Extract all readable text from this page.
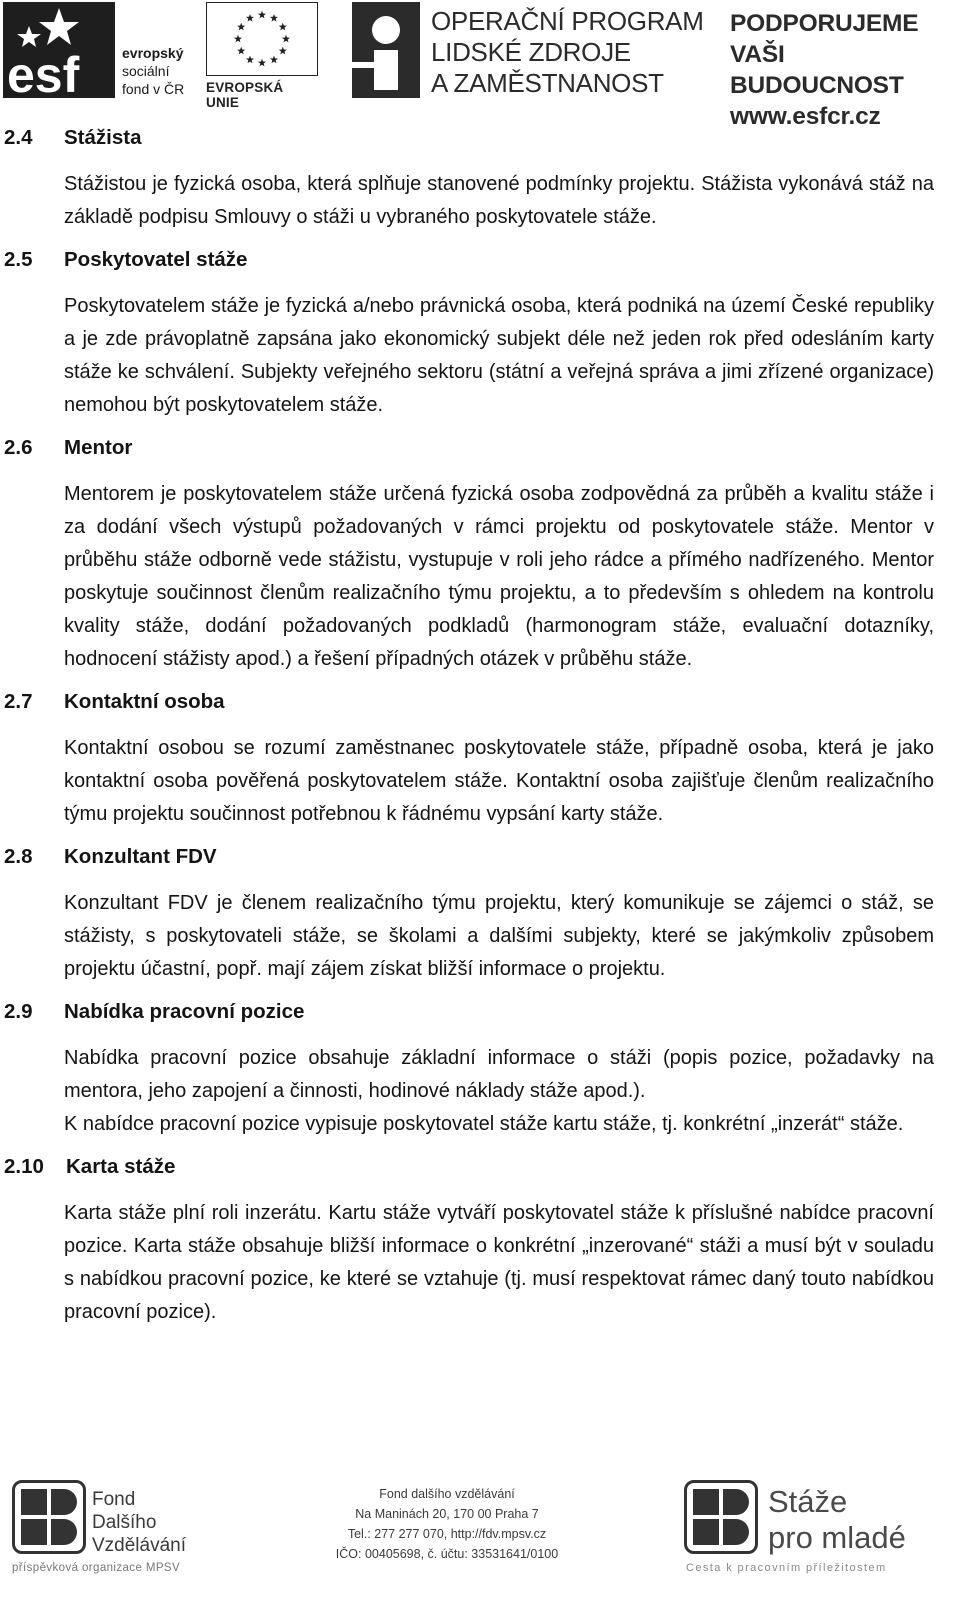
esf	evropský
sociální
fond v ČR EVROPSKÁ UNIE
OPERAČNÍ PROGRAM
LIDSKÉ ZDROJE
A ZAMĚSTNANOST
PODPORUJEME
VAŠI BUDOUCNOST
www.esfcr.cz
2.4 Stážista

Stážistou je fyzická osoba, která splňuje stanovené podmínky projektu. Stážista vykonává stáž na základě podpisu Smlouvy o stáži u vybraného poskytovatele stáže.

2.5 Poskytovatel stáže

Poskytovatelem stáže je fyzická a/nebo právnická osoba, která podniká na území České republiky a je zde právoplatně zapsána jako ekonomický subjekt déle než jeden rok před odesláním karty stáže ke schválení. Subjekty veřejného sektoru (státní a veřejná správa a jimi zřízené organizace) nemohou být poskytovatelem stáže.

2.6 Mentor

Mentorem je poskytovatelem stáže určená fyzická osoba zodpovědná za průběh a kvalitu stáže i za dodání všech výstupů požadovaných v rámci projektu od poskytovatele stáže. Mentor v průběhu stáže odborně vede stážistu, vystupuje v roli jeho rádce a přímého nadřízeného. Mentor poskytuje součinnost členům realizačního týmu projektu, a to především s ohledem na kontrolu kvality stáže, dodání požadovaných podkladů (harmonogram stáže, evaluační dotazníky, hodnocení stážisty apod.) a řešení případných otázek v průběhu stáže.

2.7 Kontaktní osoba

Kontaktní osobou se rozumí zaměstnanec poskytovatele stáže, případně osoba, která je jako kontaktní osoba pověřená poskytovatelem stáže. Kontaktní osoba zajišťuje členům realizačního týmu projektu součinnost potřebnou k řádnému vypsání karty stáže.

2.8 Konzultant FDV

Konzultant FDV je členem realizačního týmu projektu, který komunikuje se zájemci o stáž, se stážisty, s poskytovateli stáže, se školami a dalšími subjekty, které se jakýmkoliv způsobem projektu účastní, popř. mají zájem získat bližší informace o projektu.

2.9 Nabídka pracovní pozice

Nabídka pracovní pozice obsahuje základní informace o stáži (popis pozice, požadavky na mentora, jeho zapojení a činnosti, hodinové náklady stáže apod.).

K nabídce pracovní pozice vypisuje poskytovatel stáže kartu stáže, tj. konkrétní „inzerát“ stáže.

2.10 Karta stáže

Karta stáže plní roli inzerátu. Kartu stáže vytváří poskytovatel stáže k příslušné nabídce pracovní pozice. Karta stáže obsahuje bližší informace o konkrétní „inzerované“ stáži a musí být v souladu s nabídkou pracovní pozice, ke které se vztahuje (tj. musí respektovat rámec daný touto nabídkou pracovní pozice).

Fond
Dalšího
Vzdělávání
příspěvková organizace MPSV
Fond dalšího vzdělávání
Na Maninách 20, 170 00 Praha 7
Tel.: 277 277 070, http://fdv.mpsv.cz
IČO: 00405698, č. účtu: 33531641/0100
Stáže
pro mladé
Cesta k pracovním příležitostem
